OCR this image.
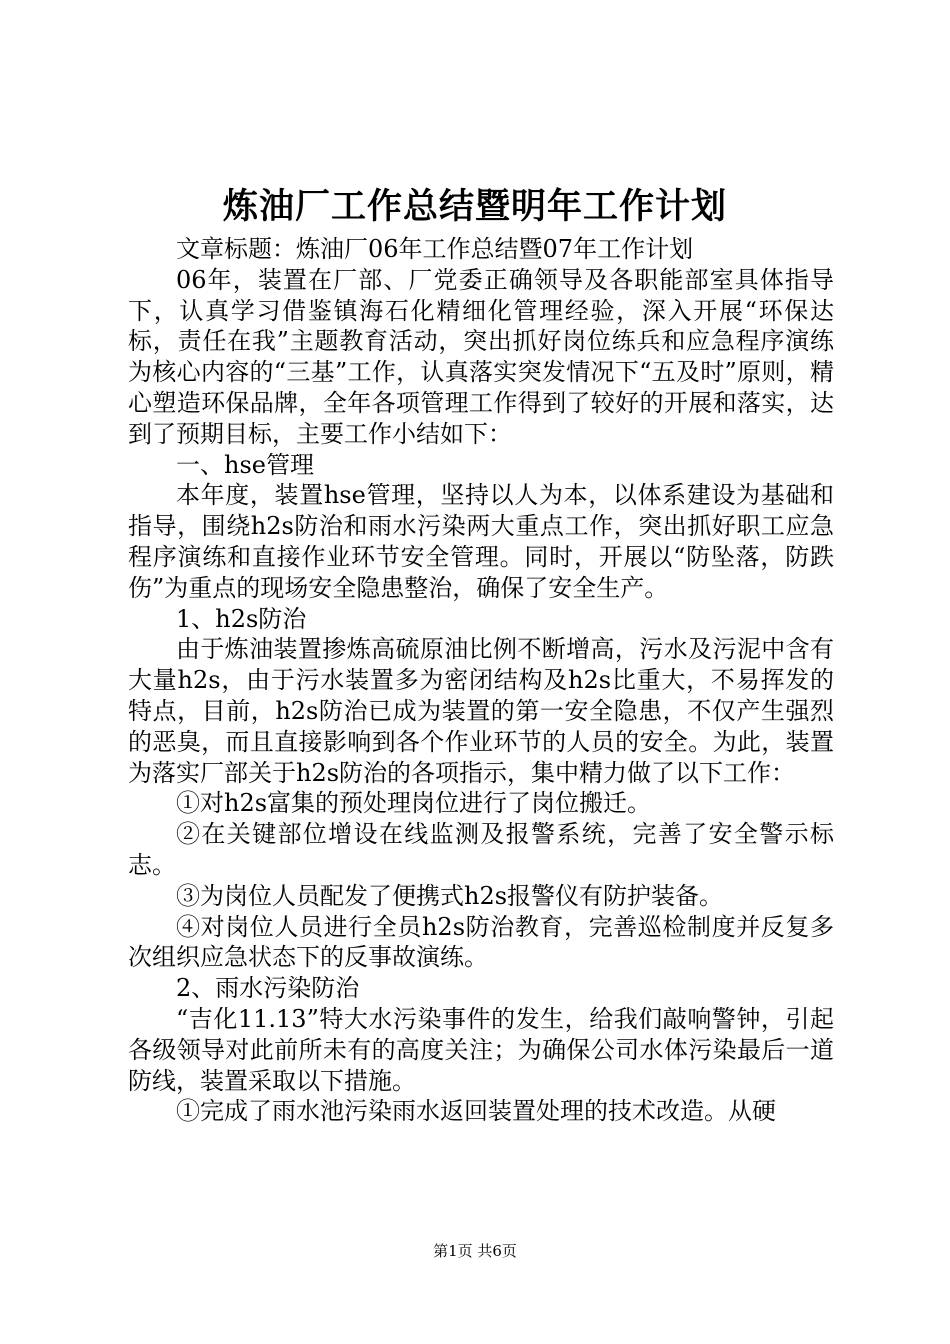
炼油厂工作总结暨明年工作计划

文章标题：炼油厂06年工作总结暨07年工作计划

06年，装置在厂部、厂党委正确领导及各职能部室具体指导下，认真学习借鉴镇海石化精细化管理经验，深入开展“环保达标，责任在我”主题教育活动，突出抓好岗位练兵和应急程序演练为核心内容的“三基”工作，认真落实突发情况下“五及时”原则，精心塑造环保品牌，全年各项管理工作得到了较好的开展和落实，达到了预期目标，主要工作小结如下：

一、hse管理

本年度，装置hse管理，坚持以人为本，以体系建设为基础和指导，围绕h2s防治和雨水污染两大重点工作，突出抓好职工应急程序演练和直接作业环节安全管理。同时，开展以“防坠落，防跌伤”为重点的现场安全隐患整治，确保了安全生产。

1、h2s防治

由于炼油装置掺炼高硫原油比例不断增高，污水及污泥中含有大量h2s，由于污水装置多为密闭结构及h2s比重大，不易挥发的特点，目前，h2s防治已成为装置的第一安全隐患，不仅产生强烈的恶臭，而且直接影响到各个作业环节的人员的安全。为此，装置为落实厂部关于h2s防治的各项指示，集中精力做了以下工作：

①对h2s富集的预处理岗位进行了岗位搬迁。

②在关键部位增设在线监测及报警系统，完善了安全警示标志。

③为岗位人员配发了便携式h2s报警仪有防护装备。

④对岗位人员进行全员h2s防治教育，完善巡检制度并反复多次组织应急状态下的反事故演练。

2、雨水污染防治

“吉化11.13”特大水污染事件的发生，给我们敲响警钟，引起各级领导对此前所未有的高度关注；为确保公司水体污染最后一道防线，装置采取以下措施。

①完成了雨水池污染雨水返回装置处理的技术改造。从硬

第1页 共6页
